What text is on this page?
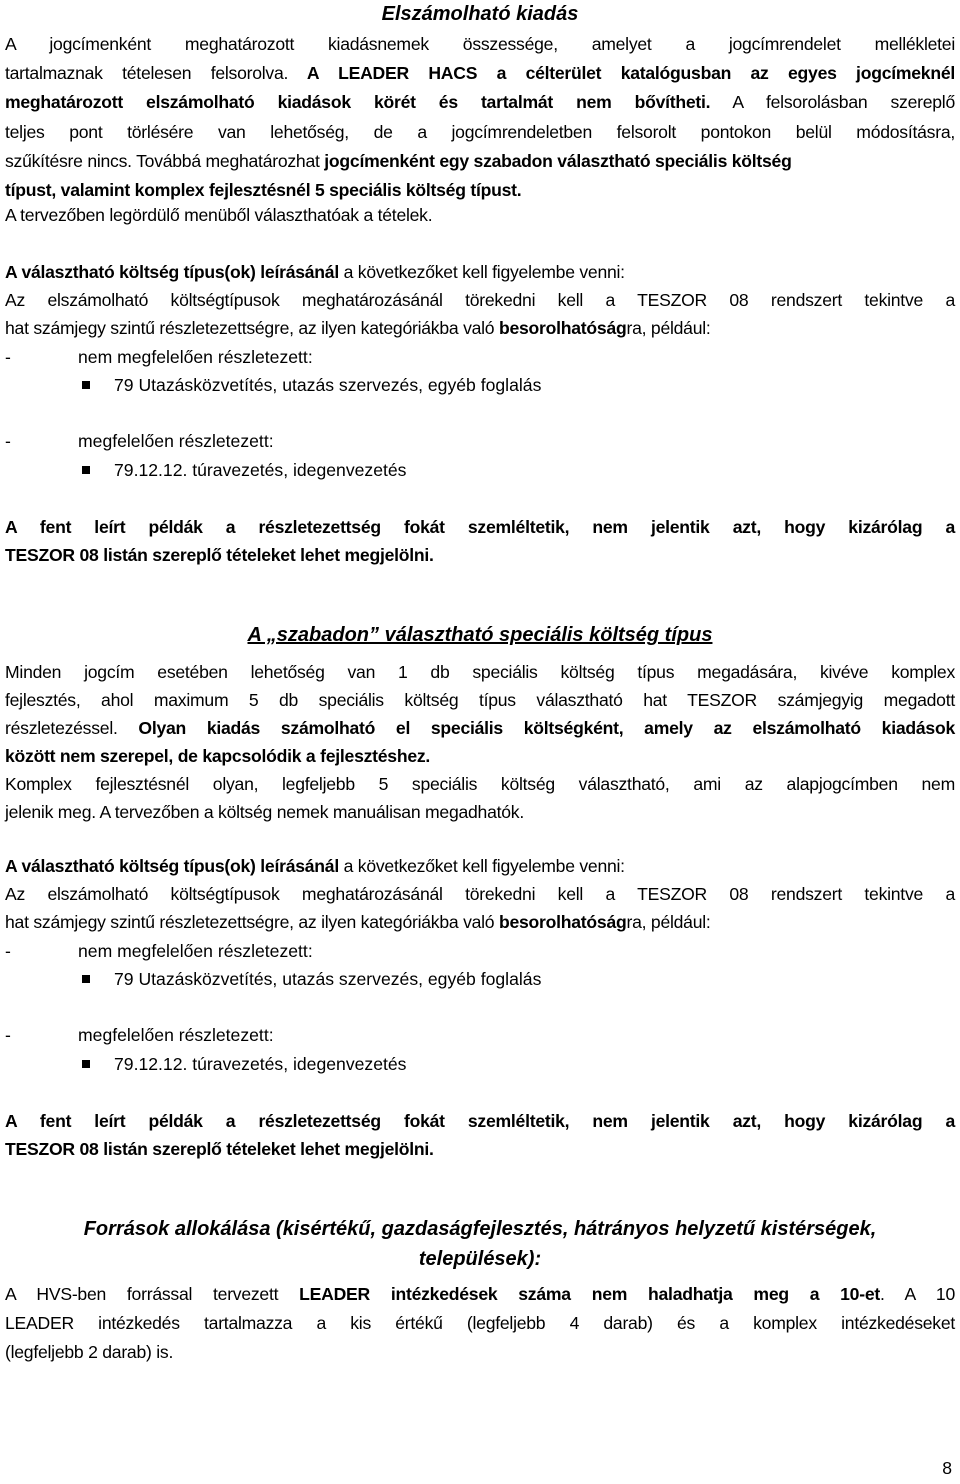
Elszámolható kiadás
A jogcímenként meghatározott kiadásnemek összessége, amelyet a jogcímrendelet mellékletei
tartalmaznak tételesen felsorolva. A LEADER HACS a célterület katalógusban az egyes jogcímeknél
meghatározott elszámolható kiadások körét és tartalmát nem bővítheti. A felsorolásban szereplő
teljes pont törlésére van lehetőség, de a jogcímrendeletben felsorolt pontokon belül módosításra,
szűkítésre nincs. Továbbá meghatározhat jogcímenként egy szabadon választható speciális költség
típust, valamint komplex fejlesztésnél 5 speciális költség típust.
A tervezőben legördülő menüből választhatóak a tételek.
A választható költség típus(ok) leírásánál a következőket kell figyelembe venni:
Az elszámolható költségtípusok meghatározásánál törekedni kell a TESZOR 08 rendszert tekintve a
hat számjegy szintű részletezettségre, az ilyen kategóriákba való besorolhatóságra, például:
-	nem megfelelően részletezett:
79 Utazásközvetítés, utazás szervezés, egyéb foglalás
-	megfelelően részletezett:
79.12.12. túravezetés, idegenvezetés
A fent leírt példák a részletezettség fokát szemléltetik, nem jelentik azt, hogy kizárólag a
TESZOR 08 listán szereplő tételeket lehet megjelölni.
A „szabadon” választható speciális költség típus
Minden jogcím esetében lehetőség van 1 db speciális költség típus megadására, kivéve komplex
fejlesztés, ahol maximum 5 db speciális költség típus választható hat TESZOR számjegyig megadott
részletezéssel. Olyan kiadás számolható el speciális költségként, amely az elszámolható kiadások
között nem szerepel, de kapcsolódik a fejlesztéshez.
Komplex fejlesztésnél olyan, legfeljebb 5 speciális költség választható, ami az alapjogcímben nem
jelenik meg. A tervezőben a költség nemek manuálisan megadhatók.
A választható költség típus(ok) leírásánál a következőket kell figyelembe venni:
Az elszámolható költségtípusok meghatározásánál törekedni kell a TESZOR 08 rendszert tekintve a
hat számjegy szintű részletezettségre, az ilyen kategóriákba való besorolhatóságra, például:
-	nem megfelelően részletezett:
79 Utazásközvetítés, utazás szervezés, egyéb foglalás
-	megfelelően részletezett:
79.12.12. túravezetés, idegenvezetés
A fent leírt példák a részletezettség fokát szemléltetik, nem jelentik azt, hogy kizárólag a
TESZOR 08 listán szereplő tételeket lehet megjelölni.
Források allokálása (kisértékű, gazdaságfejlesztés, hátrányos helyzetű kistérségek,
települések):
A HVS-ben forrással tervezett LEADER intézkedések száma nem haladhatja meg a 10-et. A 10
LEADER intézkedés tartalmazza a kis értékű (legfeljebb 4 darab) és a komplex intézkedéseket
(legfeljebb 2 darab) is.
8
